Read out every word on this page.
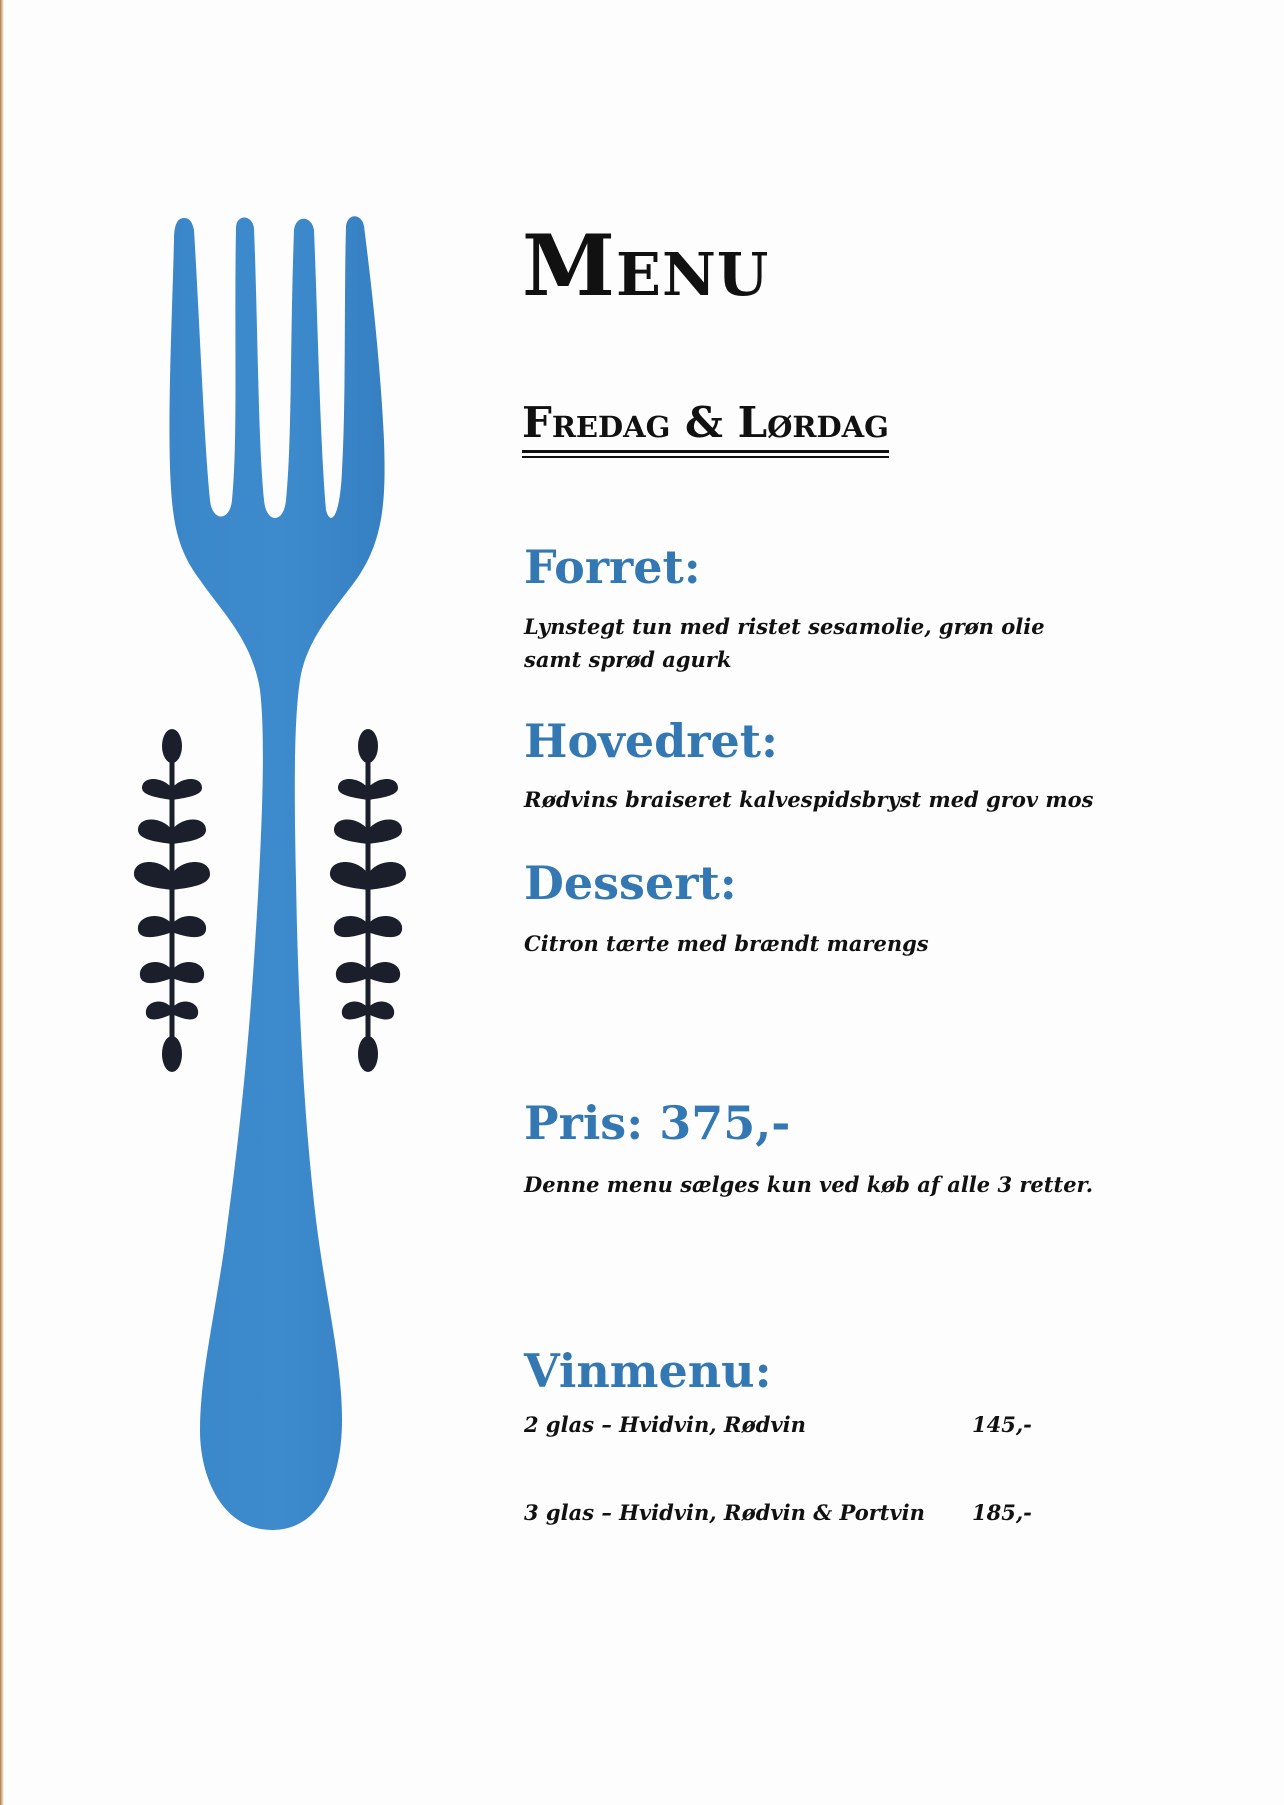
Menu
Fredag & Lørdag
Forret:
Lynstegt tun med ristet sesamolie, grøn olie samt sprød agurk
Hovedret:
Rødvins braiseret kalvespidsbryst med grov mos
Dessert:
Citron tærte med brændt marengs
Pris: 375,-
Denne menu sælges kun ved køb af alle 3 retter.
Vinmenu:
2 glas – Hvidvin, Rødvin	145,-
3 glas – Hvidvin, Rødvin & Portvin 185,-
